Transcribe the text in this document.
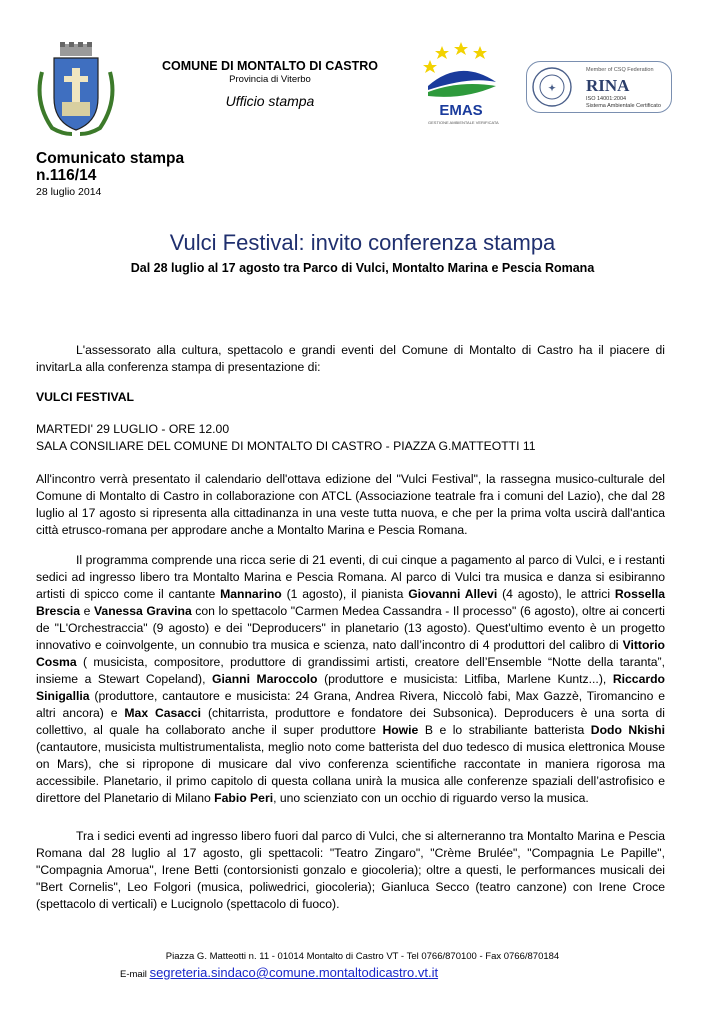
COMUNE DI MONTALTO DI CASTRO
Provincia di Viterbo
Ufficio stampa
EMAS
GESTIONE AMBIENTALE VERIFICATA
✦
Member of CSQ Federation
RINA
ISO 14001:2004
Sistema Ambientale Certificato
Comunicato stampa
n.116/14
28 luglio 2014
Vulci Festival: invito conferenza stampa
Dal 28 luglio al 17 agosto tra Parco di Vulci, Montalto Marina e Pescia Romana
L'assessorato alla cultura, spettacolo e grandi eventi del Comune di Montalto di Castro ha il piacere di invitarLa alla conferenza stampa di presentazione di:
VULCI FESTIVAL
MARTEDI' 29 LUGLIO - ORE 12.00
SALA CONSILIARE DEL COMUNE DI MONTALTO DI CASTRO - PIAZZA G.MATTEOTTI 11
All'incontro verrà presentato il calendario dell'ottava edizione del "Vulci Festival", la rassegna musico-culturale del Comune di Montalto di Castro in collaborazione con ATCL (Associazione teatrale fra i comuni del Lazio), che dal 28 luglio al 17 agosto si ripresenta alla cittadinanza in una veste tutta nuova, e che per la prima volta uscirà dall'antica città etrusco-romana per approdare anche a Montalto Marina e Pescia Romana.
Il programma comprende una ricca serie di 21 eventi, di cui cinque a pagamento al parco di Vulci, e i restanti sedici ad ingresso libero tra Montalto Marina e Pescia Romana. Al parco di Vulci tra musica e danza si esibiranno artisti di spicco come il cantante Mannarino (1 agosto), il pianista Giovanni Allevi (4 agosto), le attrici Rossella Brescia e Vanessa Gravina con lo spettacolo "Carmen Medea Cassandra - Il processo" (6 agosto), oltre ai concerti de "L'Orchestraccia" (9 agosto) e dei "Deproducers" in planetario (13 agosto). Quest'ultimo evento è un progetto innovativo e coinvolgente, un connubio tra musica e scienza, nato dall’incontro di 4 produttori del calibro di Vittorio Cosma ( musicista, compositore, produttore di grandissimi artisti, creatore dell’Ensemble “Notte della taranta”, insieme a Stewart Copeland), Gianni Maroccolo (produttore e musicista: Litfiba, Marlene Kuntz...), Riccardo Sinigallia (produttore, cantautore e musicista: 24 Grana, Andrea Rivera, Niccolò fabi, Max Gazzè, Tiromancino e altri ancora) e Max Casacci (chitarrista, produttore e fondatore dei Subsonica). Deproducers è una sorta di collettivo, al quale ha collaborato anche il super produttore Howie B e lo strabiliante batterista Dodo Nkishi (cantautore, musicista multistrumentalista, meglio noto come batterista del duo tedesco di musica elettronica Mouse on Mars), che si ripropone di musicare dal vivo conferenza scientifiche raccontate in maniera rigorosa ma accessibile. Planetario, il primo capitolo di questa collana unirà la musica alle conferenze spaziali dell’astrofisico e direttore del Planetario di Milano Fabio Peri, uno scienziato con un occhio di riguardo verso la musica.
Tra i sedici eventi ad ingresso libero fuori dal parco di Vulci, che si alterneranno tra Montalto Marina e Pescia Romana dal 28 luglio al 17 agosto, gli spettacoli: "Teatro Zingaro", "Crème Brulée", "Compagnia Le Papille", "Compagnia Amorua", Irene Betti (contorsionisti gonzalo e giocoleria); oltre a questi, le performances musicali dei "Bert Cornelis", Leo Folgori (musica, poliwedrici, giocoleria); Gianluca Secco (teatro canzone) con Irene Croce (spettacolo di verticali) e Lucignolo (spettacolo di fuoco).
Piazza G. Matteotti n. 11 - 01014 Montalto di Castro VT - Tel 0766/870100 - Fax 0766/870184
E-mail segreteria.sindaco@comune.montaltodicastro.vt.it
